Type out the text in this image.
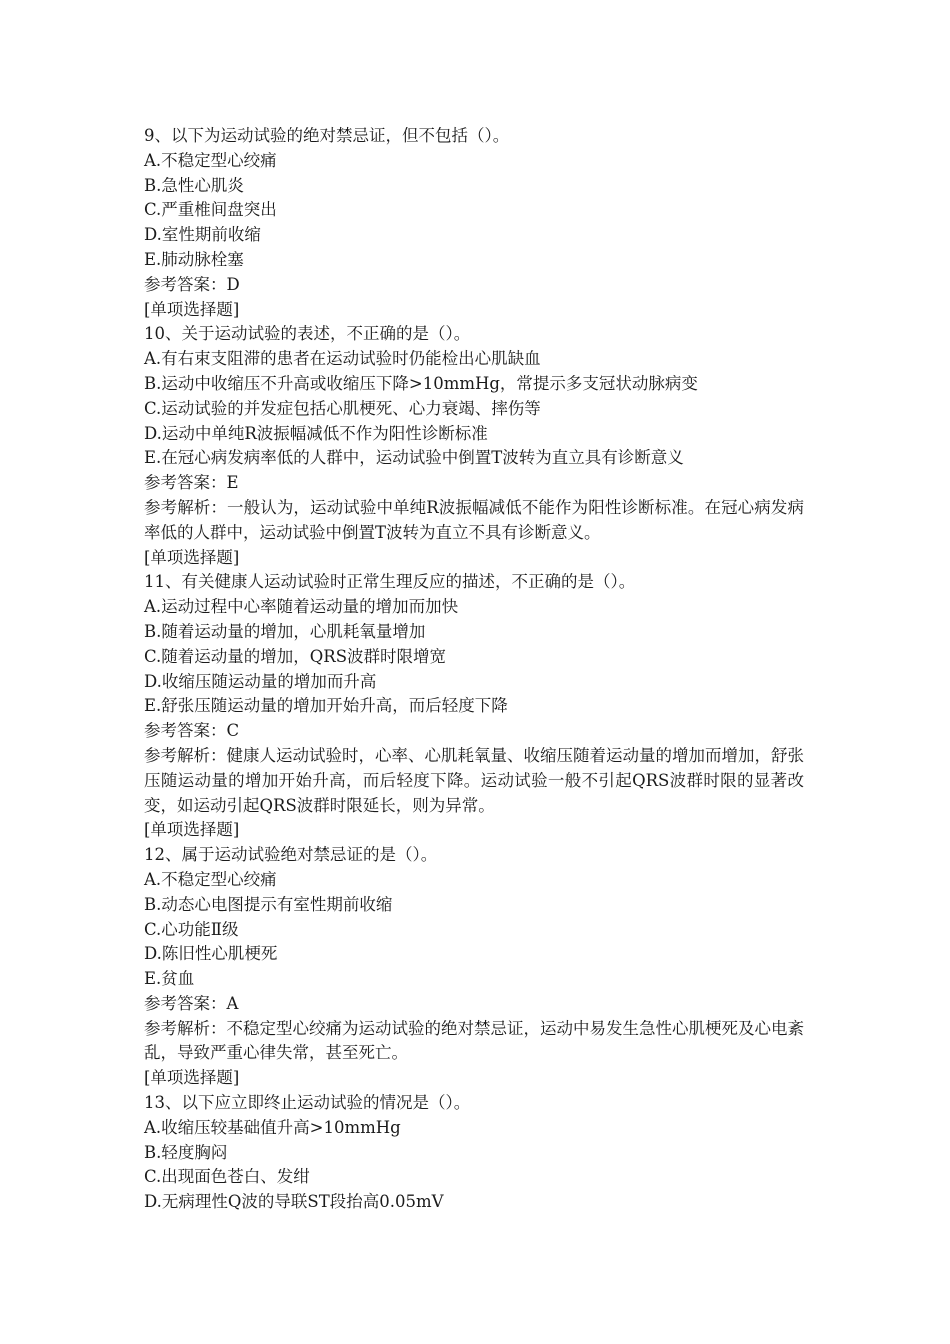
9、以下为运动试验的绝对禁忌证，但不包括（）。
A.不稳定型心绞痛
B.急性心肌炎
C.严重椎间盘突出
D.室性期前收缩
E.肺动脉栓塞
参考答案：D
[单项选择题]
10、关于运动试验的表述，不正确的是（）。
A.有右束支阻滞的患者在运动试验时仍能检出心肌缺血
B.运动中收缩压不升高或收缩压下降>10mmHg，常提示多支冠状动脉病变
C.运动试验的并发症包括心肌梗死、心力衰竭、摔伤等
D.运动中单纯R波振幅减低不作为阳性诊断标准
E.在冠心病发病率低的人群中，运动试验中倒置T波转为直立具有诊断意义
参考答案：E
参考解析：一般认为，运动试验中单纯R波振幅减低不能作为阳性诊断标准。在冠心病发病率低的人群中，运动试验中倒置T波转为直立不具有诊断意义。
[单项选择题]
11、有关健康人运动试验时正常生理反应的描述，不正确的是（）。
A.运动过程中心率随着运动量的增加而加快
B.随着运动量的增加，心肌耗氧量增加
C.随着运动量的增加，QRS波群时限增宽
D.收缩压随运动量的增加而升高
E.舒张压随运动量的增加开始升高，而后轻度下降
参考答案：C
参考解析：健康人运动试验时，心率、心肌耗氧量、收缩压随着运动量的增加而增加，舒张压随运动量的增加开始升高，而后轻度下降。运动试验一般不引起QRS波群时限的显著改变，如运动引起QRS波群时限延长，则为异常。
[单项选择题]
12、属于运动试验绝对禁忌证的是（）。
A.不稳定型心绞痛
B.动态心电图提示有室性期前收缩
C.心功能Ⅱ级
D.陈旧性心肌梗死
E.贫血
参考答案：A
参考解析：不稳定型心绞痛为运动试验的绝对禁忌证，运动中易发生急性心肌梗死及心电紊乱，导致严重心律失常，甚至死亡。
[单项选择题]
13、以下应立即终止运动试验的情况是（）。
A.收缩压较基础值升高>10mmHg
B.轻度胸闷
C.出现面色苍白、发绀
D.无病理性Q波的导联ST段抬高0.05mV
